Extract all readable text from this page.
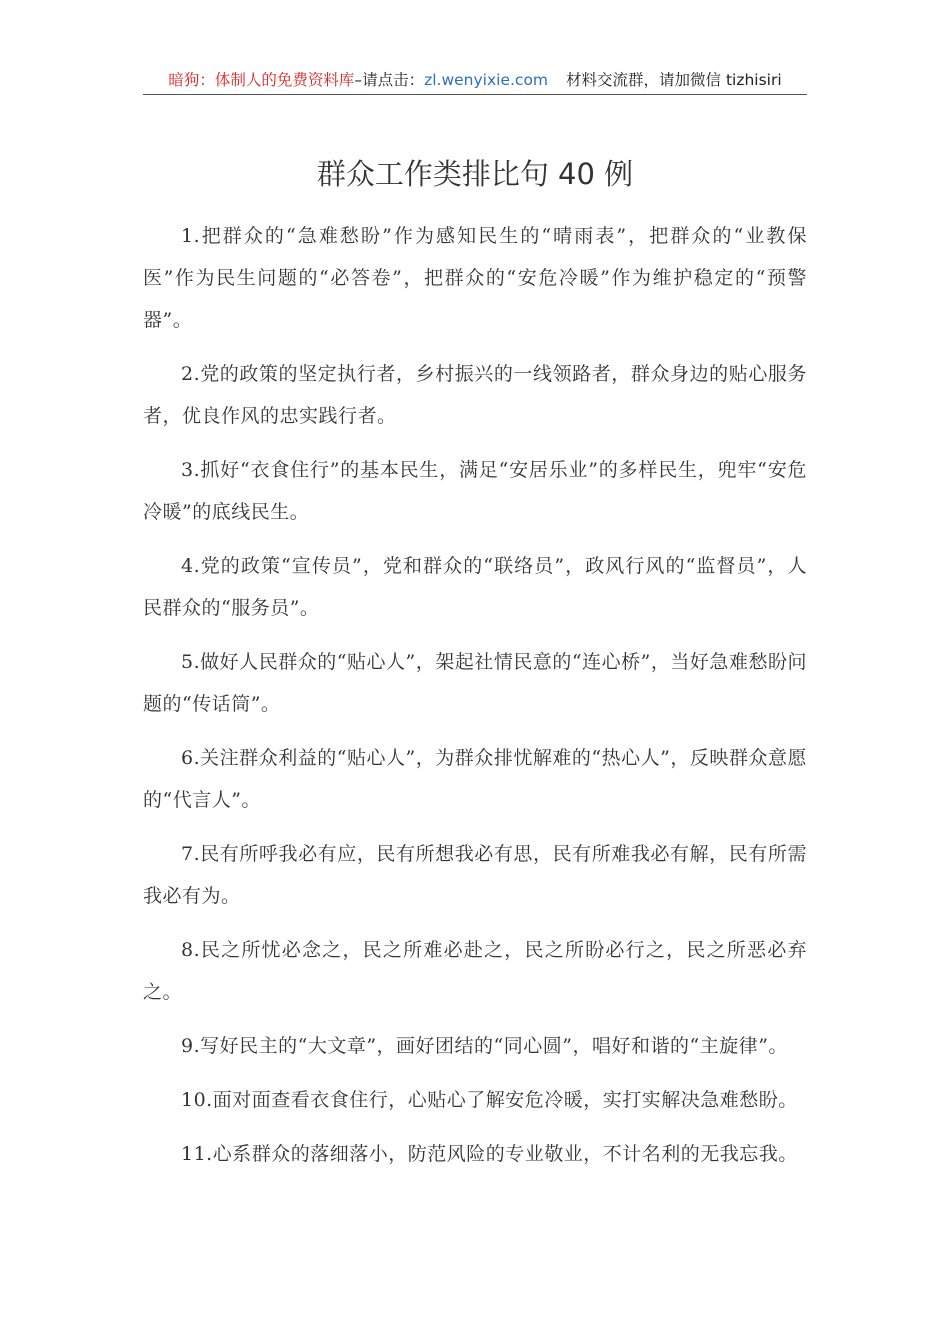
暗狗：体制人的免费资料库–请点击：zl.wenyixie.com 材料交流群，请加微信 tizhisiri
群众工作类排比句 40 例

1.把群众的“急难愁盼”作为感知民生的“晴雨表”，把群众的“业教保医”作为民生问题的“必答卷”，把群众的“安危冷暖”作为维护稳定的“预警器”。

2.党的政策的坚定执行者，乡村振兴的一线领路者，群众身边的贴心服务者，优良作风的忠实践行者。

3.抓好“衣食住行”的基本民生，满足“安居乐业”的多样民生，兜牢“安危冷暖”的底线民生。

4.党的政策“宣传员”，党和群众的“联络员”，政风行风的“监督员”，人民群众的“服务员”。

5.做好人民群众的“贴心人”，架起社情民意的“连心桥”，当好急难愁盼问题的“传话筒”。

6.关注群众利益的“贴心人”，为群众排忧解难的“热心人”，反映群众意愿的“代言人”。

7.民有所呼我必有应，民有所想我必有思，民有所难我必有解，民有所需我必有为。

8.民之所忧必念之，民之所难必赴之，民之所盼必行之，民之所恶必弃之。

9.写好民主的“大文章”，画好团结的“同心圆”，唱好和谐的“主旋律”。

10.面对面查看衣食住行，心贴心了解安危冷暖，实打实解决急难愁盼。

11.心系群众的落细落小，防范风险的专业敬业，不计名利的无我忘我。
